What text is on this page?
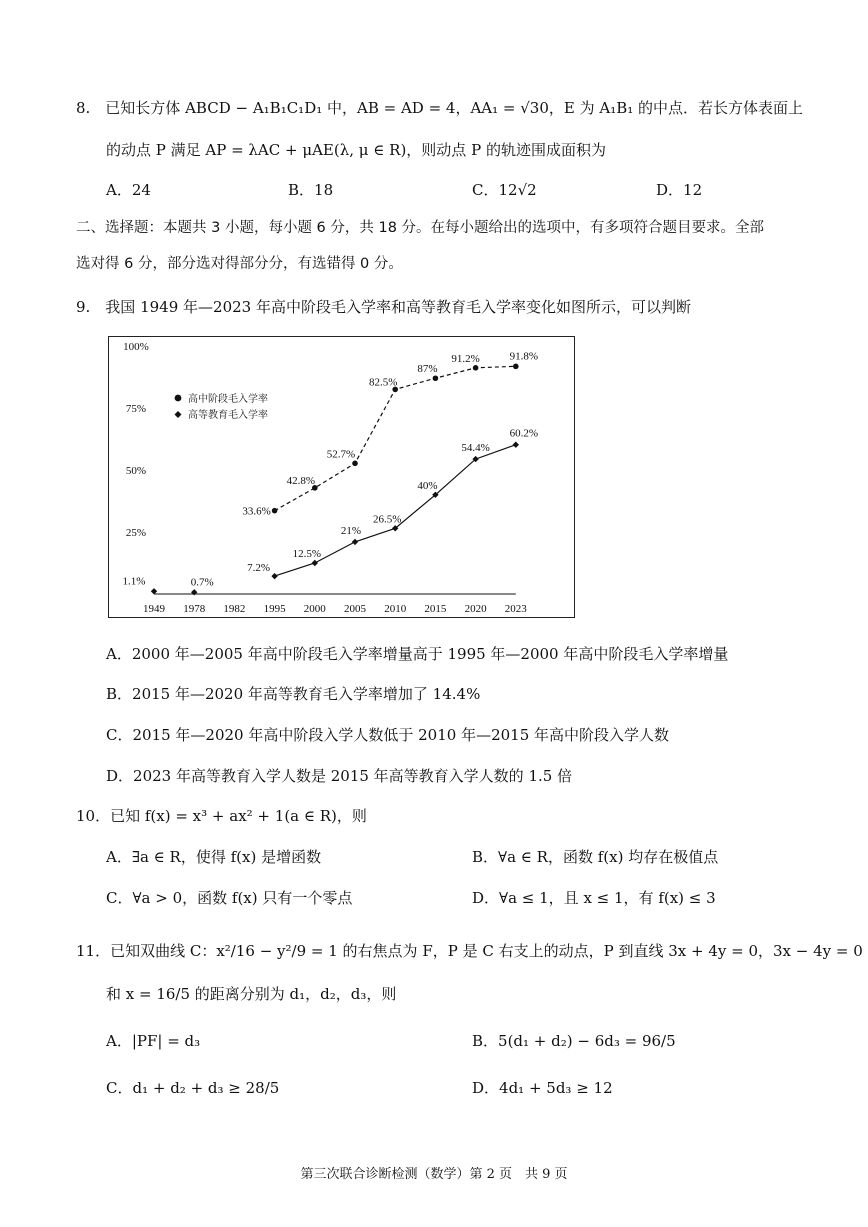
8.　已知长方体 ABCD − A₁B₁C₁D₁ 中，AB = AD = 4，AA₁ = √30，E 为 A₁B₁ 的中点．若长方体表面上
的动点 P 满足 AP = λAC + μAE(λ, μ ∈ R)，则动点 P 的轨迹围成面积为
A．24	B．18	C．12√2	D．12
二、选择题：本题共 3 小题，每小题 6 分，共 18 分。在每小题给出的选项中，有多项符合题目要求。全部
选对得 6 分，部分选对得部分分，有选错得 0 分。
9.　我国 1949 年—2023 年高中阶段毛入学率和高等教育毛入学率变化如图所示，可以判断
1949 1978 1982 1995 2000 2005 2010 2015 2020 2023
100%
75%
50%
25%
高中阶段毛入学率
高等教育毛入学率
33.6%
42.8%
52.7%
82.5%
87%
91.2%	91.8%
7.2%
12.5%
21%
26.5%
40%
54.4%
60.2%
1.1%	0.7%
A．2000 年—2005 年高中阶段毛入学率增量高于 1995 年—2000 年高中阶段毛入学率增量
B．2015 年—2020 年高等教育毛入学率增加了 14.4%
C．2015 年—2020 年高中阶段入学人数低于 2010 年—2015 年高中阶段入学人数
D．2023 年高等教育入学人数是 2015 年高等教育入学人数的 1.5 倍
10．已知 f(x) = x³ + ax² + 1(a ∈ R)，则
A．∃a ∈ R，使得 f(x) 是增函数	B．∀a ∈ R，函数 f(x) 均存在极值点
C．∀a > 0，函数 f(x) 只有一个零点	D．∀a ≤ 1，且 x ≤ 1，有 f(x) ≤ 3
11．已知双曲线 C：x²/16 − y²/9 = 1 的右焦点为 F，P 是 C 右支上的动点，P 到直线 3x + 4y = 0，3x − 4y = 0
和 x = 16/5 的距离分别为 d₁，d₂，d₃，则
A．|PF| = d₃	B．5(d₁ + d₂) − 6d₃ = 96/5
C．d₁ + d₂ + d₃ ≥ 28/5	D．4d₁ + 5d₃ ≥ 12
第三次联合诊断检测（数学）第 2 页　共 9 页
